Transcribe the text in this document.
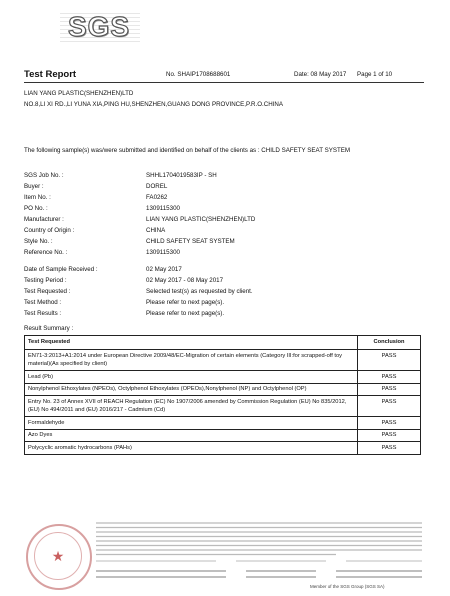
SGS
Test Report	No. SHAIP1708688601	Date: 08 May 2017 Page 1 of 10
LIAN YANG PLASTIC(SHENZHEN)LTD
NO.8,LI XI RD.,LI YUNA XIA,PING HU,SHENZHEN,GUANG DONG PROVINCE,P.R.O.CHINA
The following sample(s) was/were submitted and identified on behalf of the clients as : CHILD SAFETY SEAT SYSTEM
SGS Job No. :	SHHL1704019583IP - SH
Buyer :	DOREL
Item No. :	FA0262
PO No. :	1309115300
Manufacturer :	LIAN YANG PLASTIC(SHENZHEN)LTD
Country of Origin :	CHINA
Style No. :	CHILD SAFETY SEAT SYSTEM
Reference No. :	1309115300
Date of Sample Received :	02 May 2017
Testing Period :	02 May 2017 - 08 May 2017
Test Requested :	Selected test(s) as requested by client.
Test Method :	Please refer to next page(s).
Test Results :	Please refer to next page(s).
Result Summary :
Test Requested	Conclusion
EN71-3:2013+A1:2014 under European Directive 2009/48/EC-Migration of certain elements (Category III:for scrapped-off toy material)(As specified by client)	PASS
Lead (Pb)	PASS
Nonylphenol Ethoxylates (NPEOs), Octylphenol Ethoxylates (OPEOs),Nonylphenol (NP) and Octylphenol (OP)	PASS
Entry No. 23 of Annex XVII of REACH Regulation (EC) No 1907/2006 amended by Commission Regulation (EU) No 835/2012, (EU) No 494/2011 and (EU) 2016/217 - Cadmium (Cd)	PASS
Formaldehyde	PASS
Azo Dyes	PASS
Polycyclic aromatic hydrocarbons (PAHs)	PASS
★
Member of the SGS Group (SGS SA)
